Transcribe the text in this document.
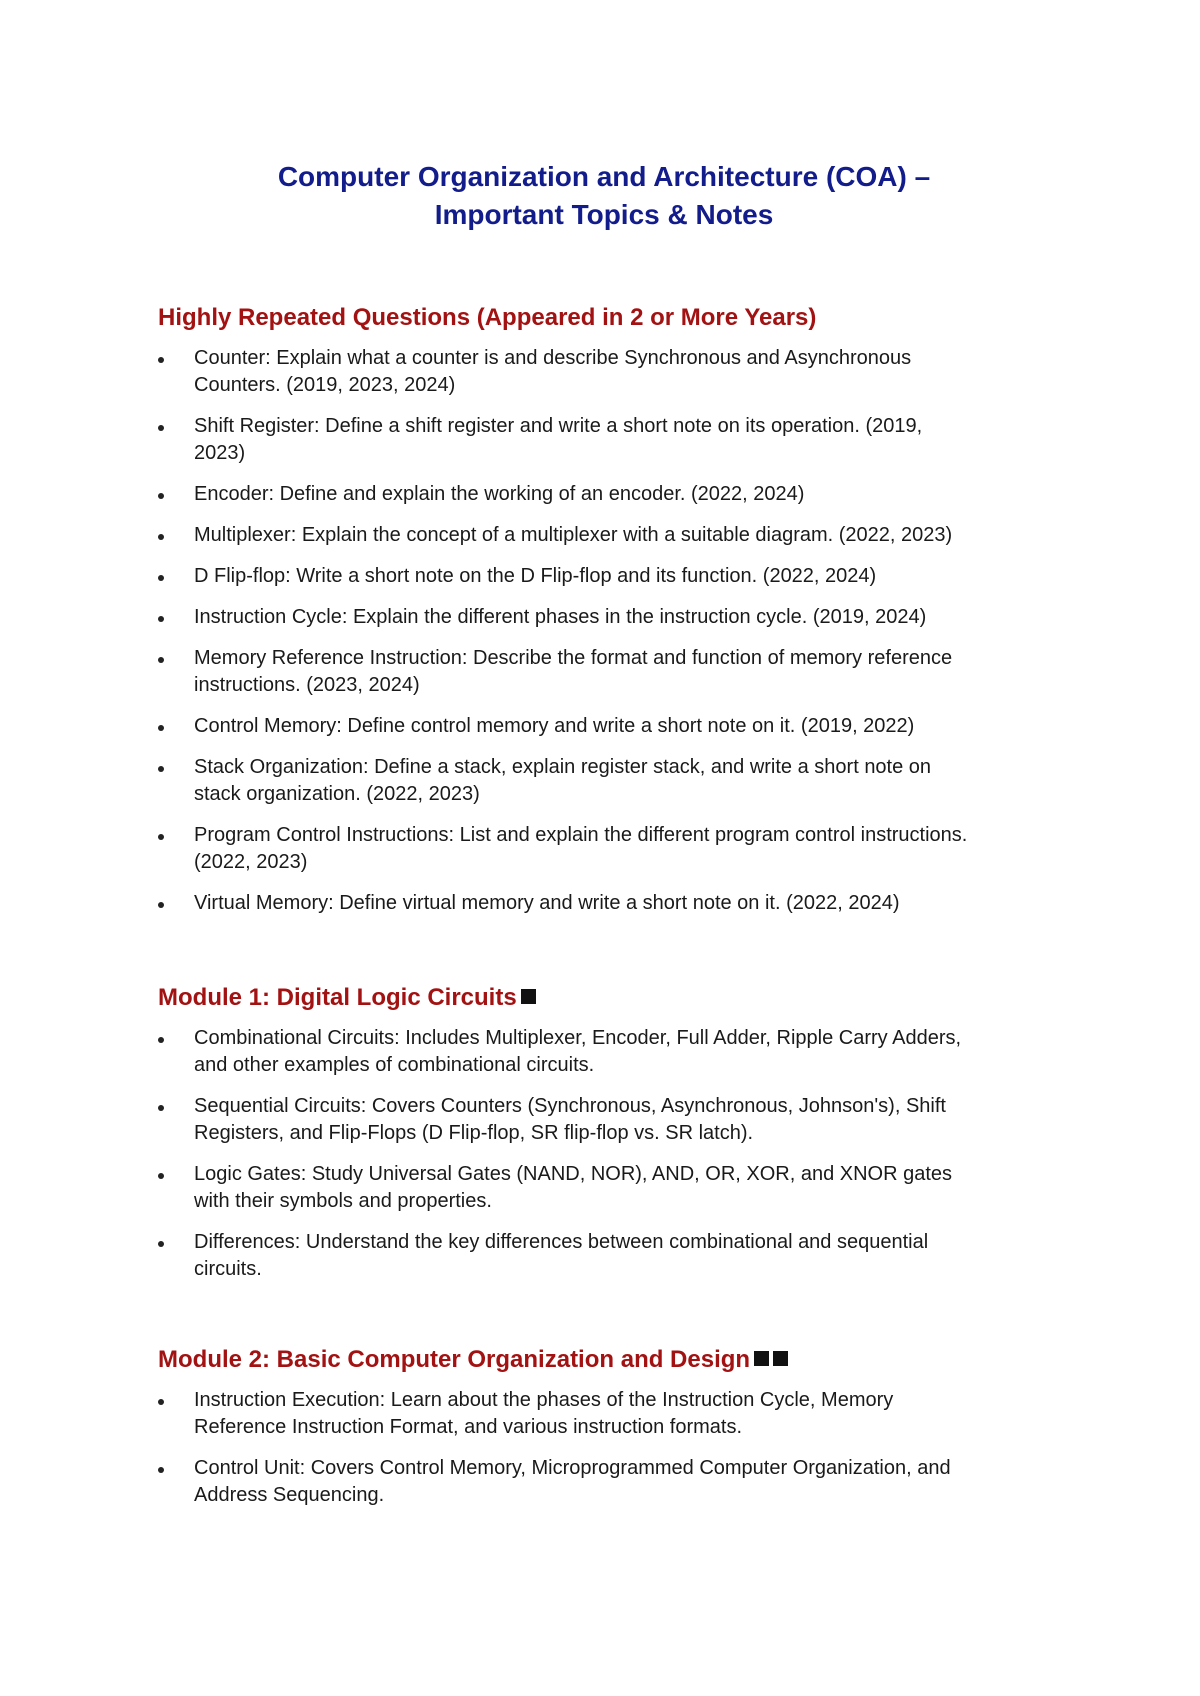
Computer Organization and Architecture (COA) –
Important Topics & Notes
Highly Repeated Questions (Appeared in 2 or More Years)
Counter: Explain what a counter is and describe Synchronous and Asynchronous Counters. (2019, 2023, 2024)
Shift Register: Define a shift register and write a short note on its operation. (2019, 2023)
Encoder: Define and explain the working of an encoder. (2022, 2024)
Multiplexer: Explain the concept of a multiplexer with a suitable diagram. (2022, 2023)
D Flip-flop: Write a short note on the D Flip-flop and its function. (2022, 2024)
Instruction Cycle: Explain the different phases in the instruction cycle. (2019, 2024)
Memory Reference Instruction: Describe the format and function of memory reference instructions. (2023, 2024)
Control Memory: Define control memory and write a short note on it. (2019, 2022)
Stack Organization: Define a stack, explain register stack, and write a short note on stack organization. (2022, 2023)
Program Control Instructions: List and explain the different program control instructions. (2022, 2023)
Virtual Memory: Define virtual memory and write a short note on it. (2022, 2024)
Module 1: Digital Logic Circuits
Combinational Circuits: Includes Multiplexer, Encoder, Full Adder, Ripple Carry Adders, and other examples of combinational circuits.
Sequential Circuits: Covers Counters (Synchronous, Asynchronous, Johnson's), Shift Registers, and Flip-Flops (D Flip-flop, SR flip-flop vs. SR latch).
Logic Gates: Study Universal Gates (NAND, NOR), AND, OR, XOR, and XNOR gates with their symbols and properties.
Differences: Understand the key differences between combinational and sequential circuits.
Module 2: Basic Computer Organization and Design
Instruction Execution: Learn about the phases of the Instruction Cycle, Memory Reference Instruction Format, and various instruction formats.
Control Unit: Covers Control Memory, Microprogrammed Computer Organization, and Address Sequencing.
